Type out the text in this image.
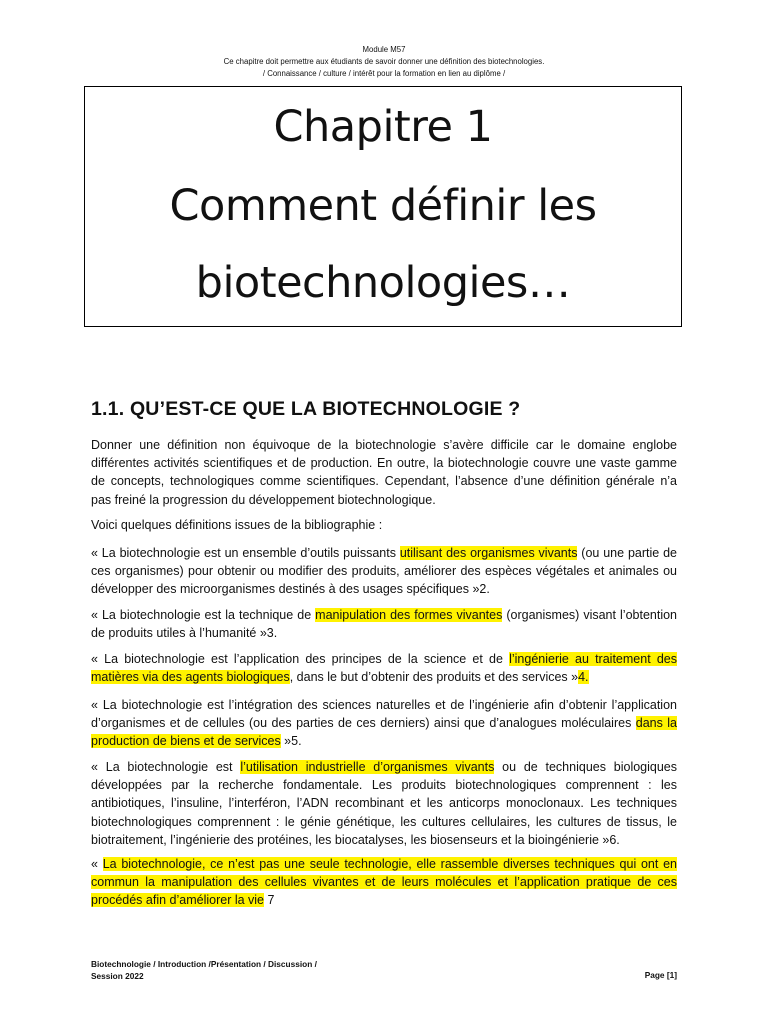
Module M57
Ce chapitre doit permettre aux étudiants de savoir donner une définition des biotechnologies.
/ Connaissance / culture / intérêt pour la formation en lien au diplôme /
Chapitre 1
Comment définir les
biotechnologies…
1.1. QU’EST-CE QUE LA BIOTECHNOLOGIE ?

Donner une définition non équivoque de la biotechnologie s’avère difficile car le domaine englobe différentes activités scientifiques et de production. En outre, la biotechnologie couvre une vaste gamme de concepts, technologiques comme scientifiques. Cependant, l’absence d’une définition générale n’a pas freiné la progression du développement biotechnologique.

Voici quelques définitions issues de la bibliographie :

« La biotechnologie est un ensemble d’outils puissants utilisant des organismes vivants (ou une partie de ces organismes) pour obtenir ou modifier des produits, améliorer des espèces végétales et animales ou développer des microorganismes destinés à des usages spécifiques »2.

« La biotechnologie est la technique de manipulation des formes vivantes (organismes) visant l’obtention de produits utiles à l’humanité »3.

« La biotechnologie est l’application des principes de la science et de l’ingénierie au traitement des matières via des agents biologiques, dans le but d’obtenir des produits et des services »4.

« La biotechnologie est l’intégration des sciences naturelles et de l’ingénierie afin d’obtenir l’application d’organismes et de cellules (ou des parties de ces derniers) ainsi que d’analogues moléculaires dans la production de biens et de services »5.

« La biotechnologie est l’utilisation industrielle d’organismes vivants ou de techniques biologiques développées par la recherche fondamentale. Les produits biotechnologiques comprennent : les antibiotiques, l’insuline, l’interféron, l’ADN recombinant et les anticorps monoclonaux. Les techniques biotechnologiques comprennent : le génie génétique, les cultures cellulaires, les cultures de tissus, le biotraitement, l’ingénierie des protéines, les biocatalyses, les biosenseurs et la bioingénierie »6.

« La biotechnologie, ce n’est pas une seule technologie, elle rassemble diverses techniques qui ont en commun la manipulation des cellules vivantes et de leurs molécules et l’application pratique de ces procédés afin d’améliorer la vie 7

Biotechnologie / Introduction /Présentation / Discussion /
Session 2022	Page [1]
